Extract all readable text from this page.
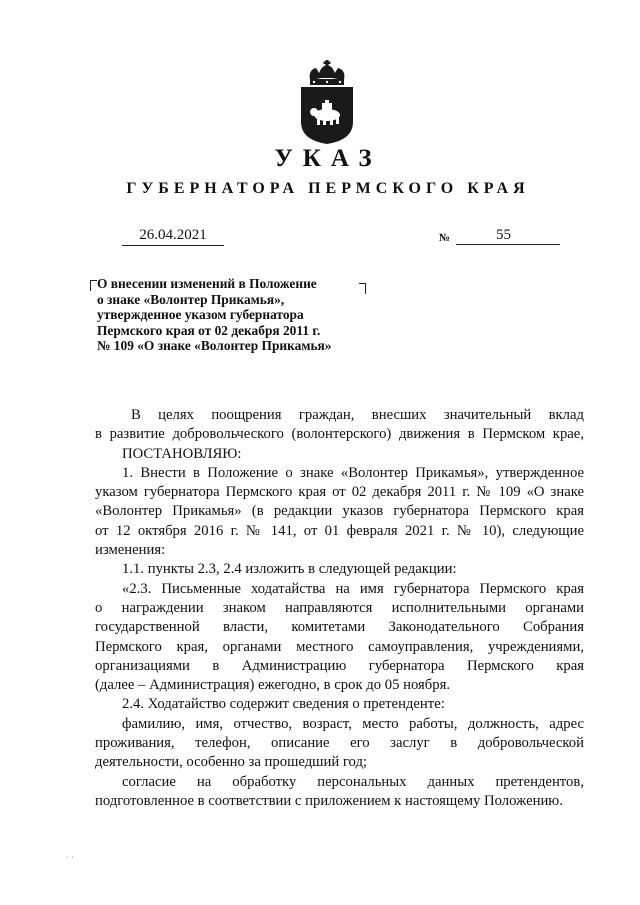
УКАЗ
ГУБЕРНАТОРА ПЕРМСКОГО КРАЯ
26.04.2021	№	55
О внесении изменений в Положение
о знаке «Волонтер Прикамья»,
утвержденное указом губернатора
Пермского края от 02 декабря 2011 г.
№ 109 «О знаке «Волонтер Прикамья»

В целях поощрения граждан, внесших значительный вклад

в развитие добровольческого (волонтерского) движения в Пермском крае,

ПОСТАНОВЛЯЮ:

1. Внести в Положение о знаке «Волонтер Прикамья», утвержденное

указом губернатора Пермского края от 02 декабря 2011 г. № 109 «О знаке

«Волонтер Прикамья» (в редакции указов губернатора Пермского края

от 12 октября 2016 г. № 141, от 01 февраля 2021 г. № 10), следующие

изменения:

1.1. пункты 2.3, 2.4 изложить в следующей редакции:

«2.3. Письменные ходатайства на имя губернатора Пермского края

о награждении знаком направляются исполнительными органами

государственной власти, комитетами Законодательного Собрания

Пермского края, органами местного самоуправления, учреждениями,

организациями в Администрацию губернатора Пермского края

(далее – Администрация) ежегодно, в срок до 05 ноября.

2.4. Ходатайство содержит сведения о претенденте:

фамилию, имя, отчество, возраст, место работы, должность, адрес

проживания, телефон, описание его заслуг в добровольческой

деятельности, особенно за прошедший год;

согласие на обработку персональных данных претендентов,

подготовленное в соответствии с приложением к настоящему Положению.

· ·
